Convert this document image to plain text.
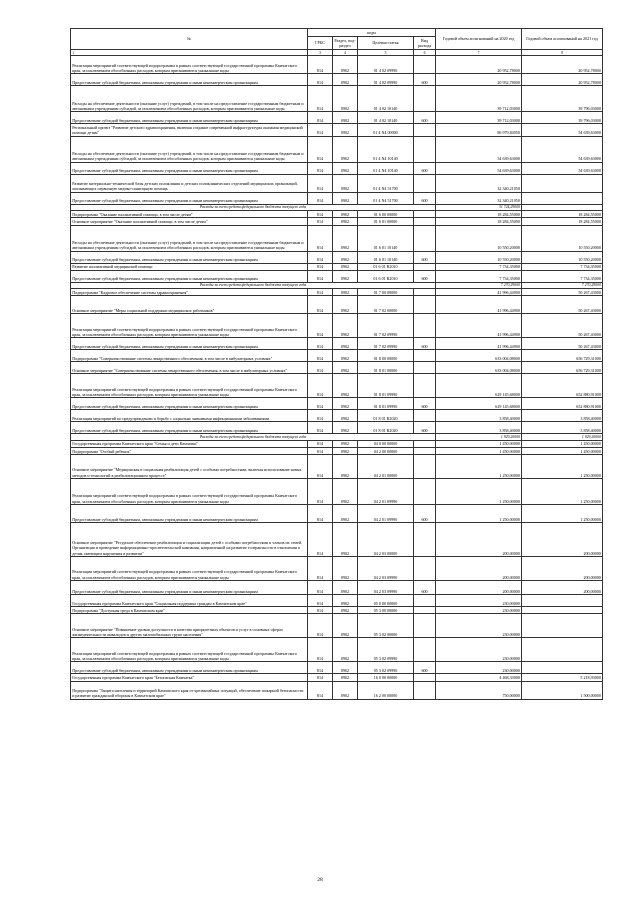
№	коды				Годовой объем ассигнований на 2020 год	Годовой объем ассигнований на 2021 год
	ГРБС	Раздел, под-раздел	Целевая статья	Вид расхода		
1	3	4	5	6	7	8
Реализация мероприятий соответствующей подпрограммы в рамках соответствующей государственной программы Камчатского края, за исключением обособленных расходов, которым присваиваются уникальные коды	814	0902	01 4 02 09990		20 952,78000	20 952,78000
Предоставление субсидий бюджетным, автономным учреждениям и иным некоммерческим организациям	814	0902	01 4 02 09990	600	20 952,78000	20 952,78000
Расходы на обеспечение деятельности (оказание услуг) учреждений, в том числе на предоставление государственным бюджетным и автономным учреждениям субсидий, за исключением обособленных расходов, которым присваиваются уникальные коды	814	0902	01 4 02 10140		39 712,03000	39 796,03000
Предоставление субсидий бюджетным, автономным учреждениям и иным некоммерческим организациям	814	0902	01 4 02 10140	600	39 712,03000	39 796,03000
Региональный проект "Развитие детского здравоохранения, включая создание современной инфраструктуры оказания медицинской помощи детям"	814	0902	01 4 N4 00000		86 979,84050	54 639,63000
Расходы на обеспечение деятельности (оказание услуг) учреждений, в том числе на предоставление государственным бюджетным и автономным учреждениям субсидий, за исключением обособленных расходов, которым присваиваются уникальные коды	814	0902	01 4 N4 10140		54 639,63000	54 639,63000
Предоставление субсидий бюджетным, автономным учреждениям и иным некоммерческим организациям	814	0902	01 4 N4 10140	600	54 639,63000	54 639,63000
Развитие материально-технической базы детских поликлиник и детских поликлинических отделений медицинских организаций, оказывающих первичную медико-санитарную помощь	814	0902	01 4 N4 51700		32 340,21050	
Предоставление субсидий бюджетным, автономным учреждениям и иным некоммерческим организациям	814	0902	01 4 N4 51700	600	32 340,21050	
Расходы за счет средств федерального бюджета текущего года					31 724,29000	
Подпрограмма "Оказание паллиативной помощи, в том числе детям"	814	0902	01 6 00 00000		18 284,55000	18 284,55000
Основное мероприятие "Оказание паллиативной помощи, в том числе детям"	814	0902	01 6 01 00000		18 284,55000	18 284,55000
Расходы на обеспечение деятельности (оказание услуг) учреждений, в том числе на предоставление государственным бюджетным и автономным учреждениям субсидий, за исключением обособленных расходов, которым присваиваются уникальные коды	814	0902	01 6 01 10140		10 550,20000	10 550,20000
Предоставление субсидий бюджетным, автономным учреждениям и иным некоммерческим организациям	814	0902	01 6 01 10140	600	10 550,20000	10 550,20000
Развитие паллиативной медицинской помощи	814	0902	01 6 01 R2010		7 734,35000	7 734,35000
Предоставление субсидий бюджетным, автономным учреждениям и иным некоммерческим организациям	814	0902	01 6 01 R2010	600	7 734,35000	7 734,35000
Расходы за счет средств федерального бюджета текущего года					7 270,29000	7 270,29000
Подпрограмма "Кадровое обеспечение системы здравоохранения"	814	0902	01 7 00 00000		41 996,44900	50 267,43000
Основное мероприятие "Меры социальной поддержки медицинских работников"	814	0902	01 7 02 00000		41 996,44900	50 267,43000
Реализация мероприятий соответствующей подпрограммы в рамках соответствующей государственной программы Камчатского края, за исключением обособленных расходов, которым присваиваются уникальные коды	814	0902	01 7 02 09990		41 996,44900	50 267,43000
Предоставление субсидий бюджетным, автономным учреждениям и иным некоммерческим организациям	814	0902	01 7 02 09990	600	41 996,44900	50 267,43000
Подпрограмма "Совершенствование системы лекарственного обеспечения, в том числе в амбулаторных условиях"	814	0902	01 8 00 00000		633 004,08000	656 729,31000
Основное мероприятие "Совершенствование системы лекарственного обеспечения, в том числе в амбулаторных условиях"	814	0902	01 8 01 00000		633 004,08000	656 729,31000
Реализация мероприятий соответствующей подпрограммы в рамках соответствующей государственной программы Камчатского края, за исключением обособленных расходов, которым присваиваются уникальные коды	814	0902	01 8 01 09990		629 145,68000	652 880,91000
Предоставление субсидий бюджетным, автономным учреждениям и иным некоммерческим организациям	814	0902	01 8 01 09990	600	629 145,68000	652 880,91000
Реализация мероприятий по предупреждению и борьбе с социально значимыми инфекционными заболеваниями	814	0902	01 8 01 R2020		3 858,40000	3 858,40000
Предоставление субсидий бюджетным, автономным учреждениям и иным некоммерческим организациям	814	0902	01 8 01 R2020	600	3 858,40000	3 858,40000
Расходы за счет средств федерального бюджета текущего года					1 929,20000	1 929,20000
Государственная программа Камчатского края "Семья и дети Камчатки"	814	0902	04 0 00 00000		1 450,00000	1 450,00000
Подпрограмма "Особый ребенок"	814	0902	04 2 00 00000		1 450,00000	1 450,00000
Основное мероприятие "Медицинская и социальная реабилитация детей с особыми потребностями, включая использование новых методов и технологий в реабилитационном процессе"	814	0902	04 2 01 00000		1 250,00000	1 250,00000
Реализация мероприятий соответствующей подпрограммы в рамках соответствующей государственной программы Камчатского края, за исключением обособленных расходов, которым присваиваются уникальные коды	814	0902	04 2 01 09990		1 250,00000	1 250,00000
Предоставление субсидий бюджетным, автономным учреждениям и иным некоммерческим организациям	814	0902	04 2 01 09990	600	1 250,00000	1 250,00000
Основное мероприятие "Ресурсное обеспечение реабилитации и социализации детей с особыми потребностями и членов их семей. Организация и проведение информационно-просветительской кампании, направленной на развитие толерантности в отношении к детям, имеющим нарушения в развитии"	814	0902	04 2 03 00000		200,00000	200,00000
Реализация мероприятий соответствующей подпрограммы в рамках соответствующей государственной программы Камчатского края, за исключением обособленных расходов, которым присваиваются уникальные коды	814	0902	04 2 03 09990		200,00000	200,00000
Предоставление субсидий бюджетным, автономным учреждениям и иным некоммерческим организациям	814	0902	04 2 03 09990	600	200,00000	200,00000
Государственная программа Камчатского края "Социальная поддержка граждан в Камчатском крае"	814	0902	05 0 00 00000		230,00000	
Подпрограмма "Доступная среда в Камчатском крае"	814	0902	05 3 00 00000		230,00000	
Основное мероприятие "Повышение уровня доступности и качества приоритетных объектов и услуг в основных сферах жизнедеятельности инвалидов и других маломобильных групп населения"	814	0902	05 3 02 00000		230,00000	
Реализация мероприятий соответствующей подпрограммы в рамках соответствующей государственной программы Камчатского края, за исключением обособленных расходов, которым присваиваются уникальные коды	814	0902	05 3 02 09990		230,00000	
Предоставление субсидий бюджетным, автономным учреждениям и иным некоммерческим организациям	814	0902	05 3 02 09990	600	230,00000	
Государственная программа Камчатского края "Безопасная Камчатка"	814	0902	16 0 00 00000		4 468,33000	5 218,93000
Подпрограмма "Защита населения и территорий Камчатского края от чрезвычайных ситуаций, обеспечение пожарной безопасности и развитие гражданской обороны в Камчатском крае"	814	0902	16 2 00 00000		750,00000	1 500,00000
28
